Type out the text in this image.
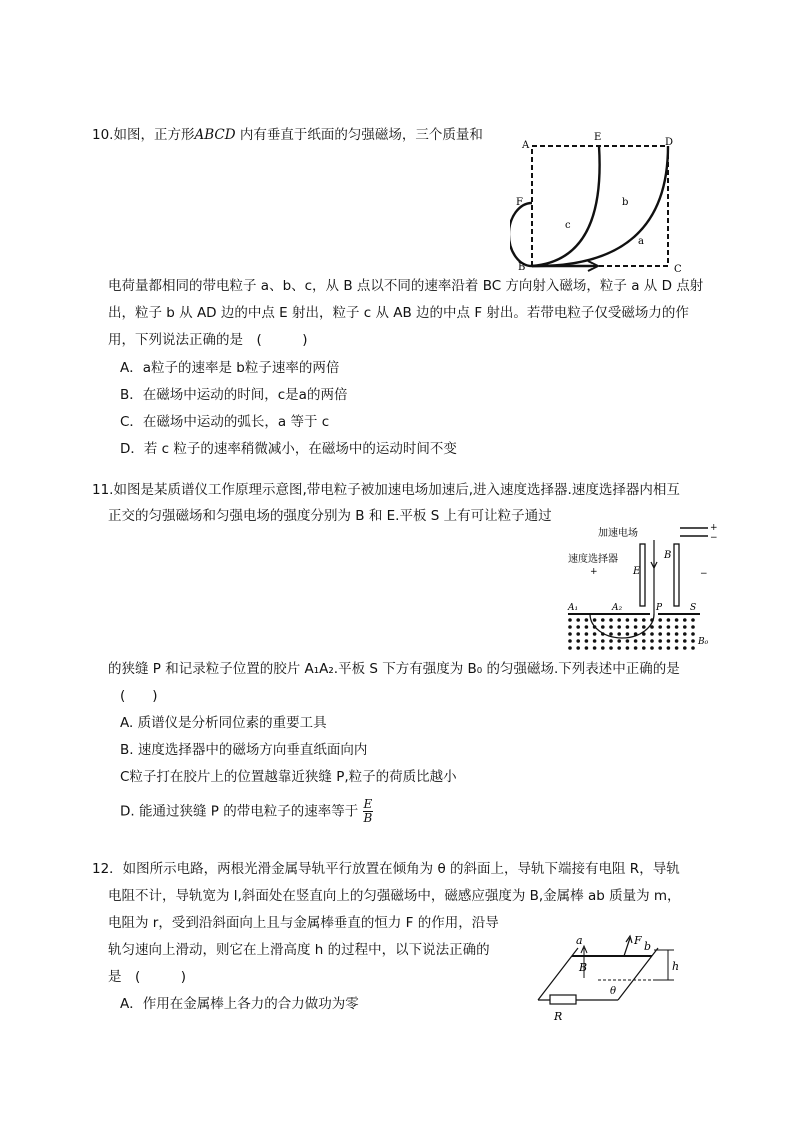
10.如图，正方形ABCD 内有垂直于纸面的匀强磁场，三个质量和
A
E	D
F
B	C
a
b
c
电荷量都相同的带电粒子 a、b、c，从 B 点以不同的速率沿着 BC 方向射入磁场，粒子 a 从 D 点射
出，粒子 b 从 AD 边的中点 E 射出，粒子 c 从 AB 边的中点 F 射出。若带电粒子仅受磁场力的作
用，下列说法正确的是　(　　　)
A．a粒子的速率是 b粒子速率的两倍
B．在磁场中运动的时间，c是a的两倍
C．在磁场中运动的弧长，a 等于 c
D．若 c 粒子的速率稍微减小，在磁场中的运动时间不变
11.如图是某质谱仪工作原理示意图,带电粒子被加速电场加速后,进入速度选择器.速度选择器内相互
正交的匀强磁场和匀强电场的强度分别为 B 和 E.平板 S 上有可让粒子通过
加速电场	+
−
速度选择器
+	−
B
E
A₁	A₂	P	S
B₀
的狭缝 P 和记录粒子位置的胶片 A₁A₂.平板 S 下方有强度为 B₀ 的匀强磁场.下列表述中正确的是
(　　)
A. 质谱仪是分析同位素的重要工具
B. 速度选择器中的磁场方向垂直纸面向内
C粒子打在胶片上的位置越靠近狭缝 P,粒子的荷质比越小
D. 能通过狭缝 P 的带电粒子的速率等于 $\frac{E}{B}$
12．如图所示电路，两根光滑金属导轨平行放置在倾角为 θ 的斜面上，导轨下端接有电阻 R，导轨
电阻不计，导轨宽为 l,斜面处在竖直向上的匀强磁场中，磁感应强度为 B,金属棒 ab 质量为 m，
电阻为 r，受到沿斜面向上且与金属棒垂直的恒力 F 的作用，沿导
轨匀速向上滑动，则它在上滑高度 h 的过程中，以下说法正确的
是　(　　　)
A．作用在金属棒上各力的合力做功为零
h
B
F
a	b
θ
R
